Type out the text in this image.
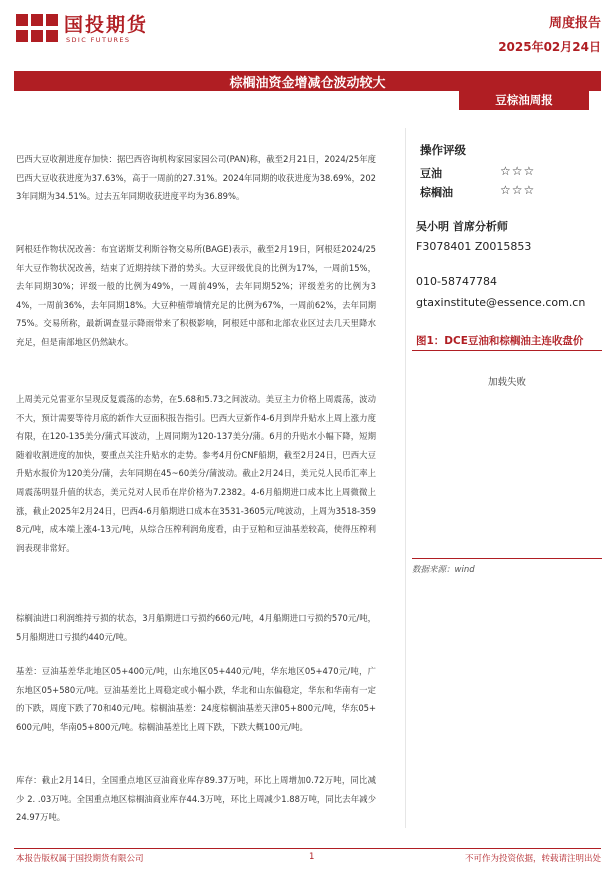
国投期货
SDIC FUTURES
周度报告
2025年02月24日
棕榈油资金增减仓波动较大
豆棕油周报

巴西大豆收割进度存加快：据巴西咨询机构家园家园公司(PAN)称，截至2月21日，2024/25年度巴西大豆收获进度为37.63%，高于一周前的27.31%。2024年同期的收获进度为38.69%，2023年同期为34.51%。过去五年同期收获进度平均为36.89%。

阿根廷作物状况改善：布宜诺斯艾利斯谷物交易所(BAGE)表示，截至2月19日，阿根廷2024/25年大豆作物状况改善，结束了近期持续下滑的势头。大豆评级优良的比例为17%，一周前15%，去年同期30%；评级一般的比例为49%，一周前49%，去年同期52%；评级差劣的比例为34%，一周前36%，去年同期18%。大豆种植带墒情充足的比例为67%，一周前62%，去年同期75%。交易所称，最新调查显示降雨带来了积极影响，阿根廷中部和北部农业区过去几天里降水充足，但是南部地区仍然缺水。

上周美元兑雷亚尔呈现反复震荡的态势，在5.68和5.73之间波动。美豆主力价格上周震荡，波动不大，预计需要等待月底的新作大豆面积报告指引。巴西大豆新作4-6月到岸升贴水上周上涨力度有限，在120-135美分/蒲式耳波动，上周同期为120-137美分/蒲。6月的升贴水小幅下降，短期随着收割进度的加快，要重点关注升贴水的走势。参考4月份CNF船期，截至2月24日，巴西大豆升贴水报价为120美分/蒲，去年同期在45~60美分/蒲波动。截止2月24日，美元兑人民币汇率上周震荡明显升值的状态，美元兑对人民币在岸价格为7.2382。4-6月船期进口成本比上周微微上涨，截止2025年2月24日，巴西4-6月船期进口成本在3531-3605元/吨波动，上周为3518-3598元/吨，成本端上涨4-13元/吨，从综合压榨利润角度看，由于豆粕和豆油基差较高，使得压榨利润表现非常好。

棕榈油进口利润维持亏损的状态，3月船期进口亏损约660元/吨，4月船期进口亏损约570元/吨，5月船期进口亏损约440元/吨。

基差：豆油基差华北地区05+400元/吨，山东地区05+440元/吨，华东地区05+470元/吨，广东地区05+580元/吨。豆油基差比上周稳定或小幅小跌，华北和山东偏稳定，华东和华南有一定的下跌，周度下跌了70和40元/吨。棕榈油基差：24度棕榈油基差天津05+800元/吨，华东05+600元/吨，华南05+800元/吨。棕榈油基差比上周下跌，下跌大概100元/吨。

库存：截止2月14日，全国重点地区豆油商业库存89.37万吨，环比上周增加0.72万吨，同比减少 2. .03万吨。全国重点地区棕榈油商业库存44.3万吨，环比上周减少1.88万吨，同比去年减少24.97万吨。

操作评级
豆油	☆☆☆
棕榈油	☆☆☆
吴小明 首席分析师
F3078401 Z0015853
010-58747784
gtaxinstitute@essence.com.cn
图1：DCE豆油和棕榈油主连收盘价
加载失败
数据来源：wind
本报告版权属于国投期货有限公司	1	不可作为投资依据，转载请注明出处
